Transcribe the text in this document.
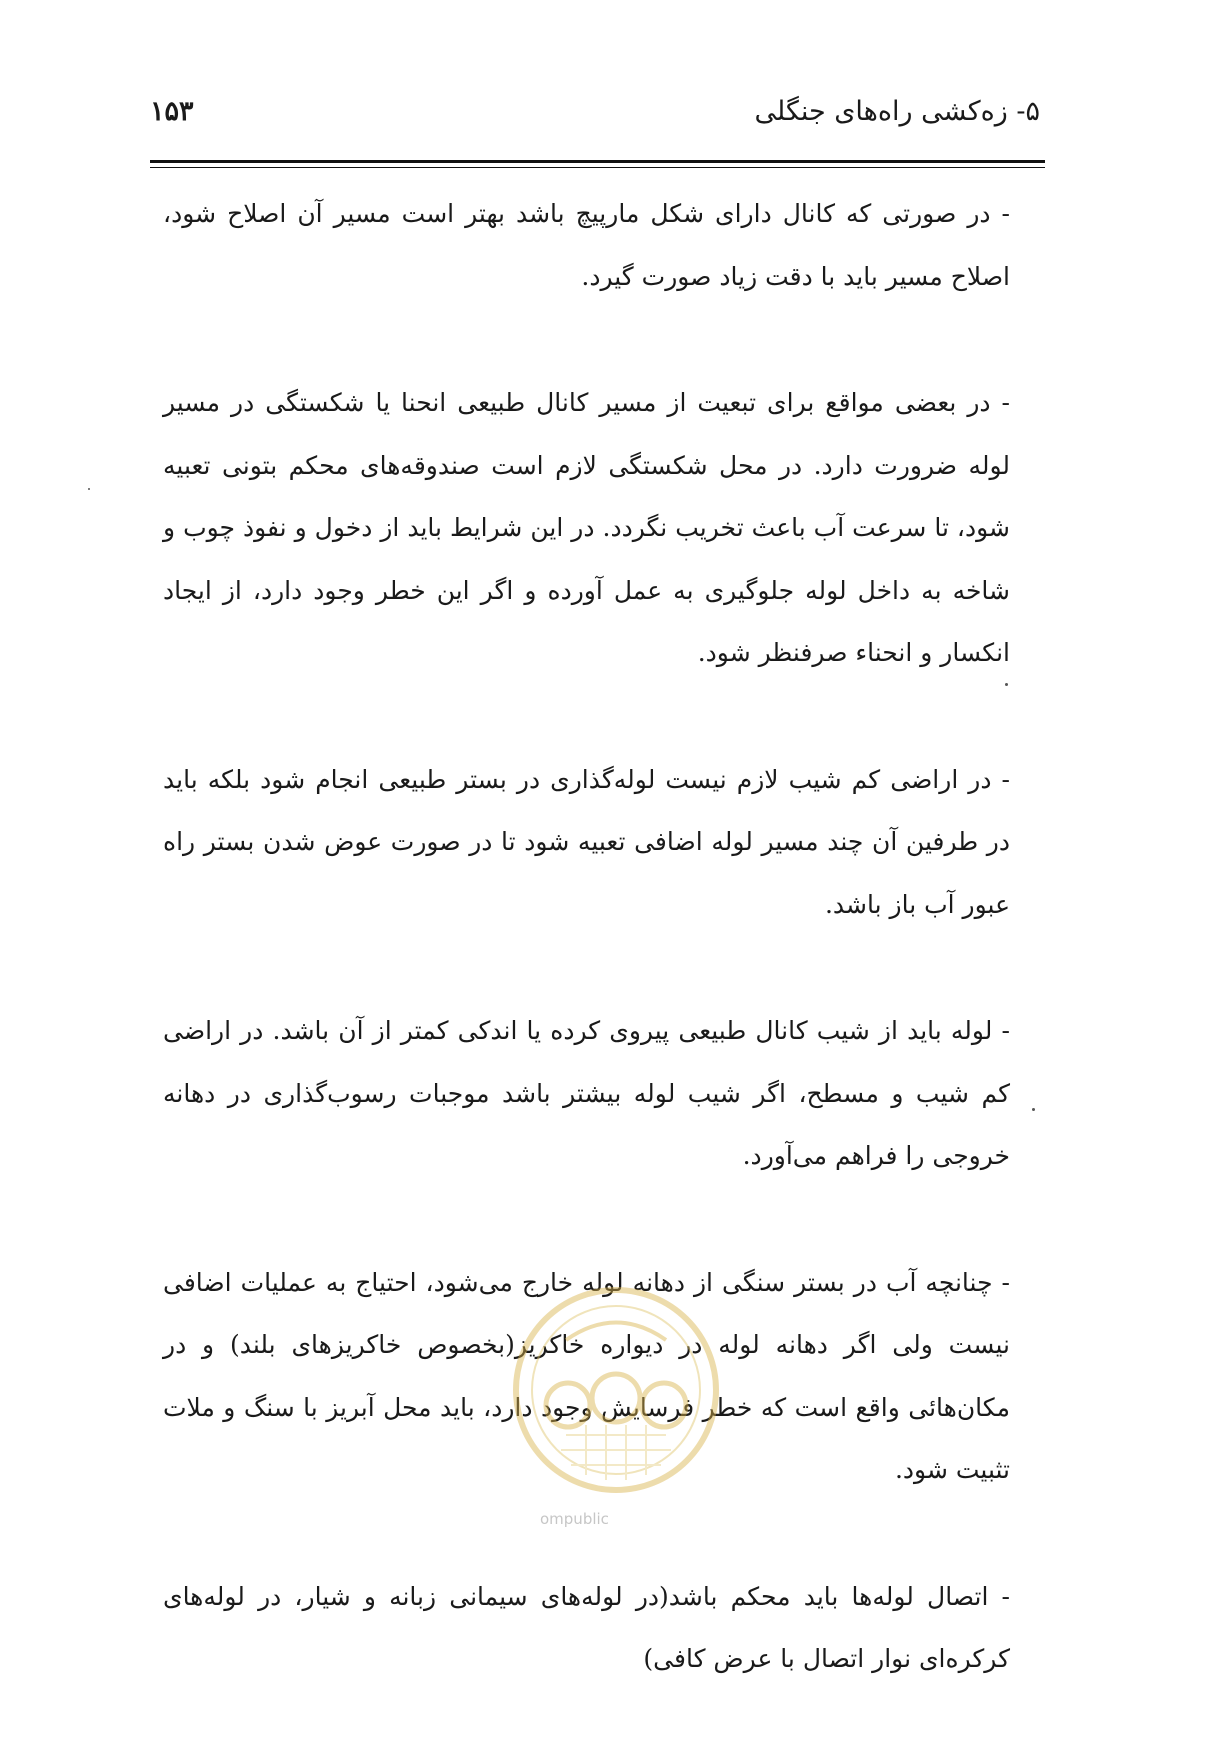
۵- زه‌کشی راه‌های جنگلی
۱۵۳

- در صورتی که کانال دارای شکل مارپیچ باشد بهتر است مسیر آن اصلاح شود، اصلاح مسیر باید با دقت زیاد صورت گیرد.

- در بعضی مواقع برای تبعیت از مسیر کانال طبیعی انحنا یا شکستگی در مسیر لوله ضرورت دارد. در محل شکستگی لازم است صندوقه‌های محکم بتونی تعبیه شود، تا سرعت آب باعث تخریب نگردد. در این شرایط باید از دخول و نفوذ چوب و شاخه به داخل لوله جلوگیری به عمل آورده و اگر این خطر وجود دارد، از ایجاد انکسار و انحناء صرفنظر شود.

- در اراضی کم شیب لازم نیست لوله‌گذاری در بستر طبیعی انجام شود بلکه باید در طرفین آن چند مسیر لوله اضافی تعبیه شود تا در صورت عوض شدن بستر راه عبور آب باز باشد.

- لوله باید از شیب کانال طبیعی پیروی کرده یا اندکی کمتر از آن باشد. در اراضی کم شیب و مسطح، اگر شیب لوله بیشتر باشد موجبات رسوب‌گذاری در دهانه خروجی را فراهم می‌آورد.

- چنانچه آب در بستر سنگی از دهانه لوله خارج می‌شود، احتیاج به عملیات اضافی نیست ولی اگر دهانه لوله در دیواره خاکریز(بخصوص خاکریزهای بلند) و در مکان‌هائی واقع است که خطر فرسایش وجود دارد، باید محل آبریز با سنگ و ملات تثبیت شود.

- اتصال لوله‌ها باید محکم باشد(در لوله‌های سیمانی زبانه و شیار، در لوله‌های کرکره‌ای نوار اتصال با عرض کافی)

ompublic
